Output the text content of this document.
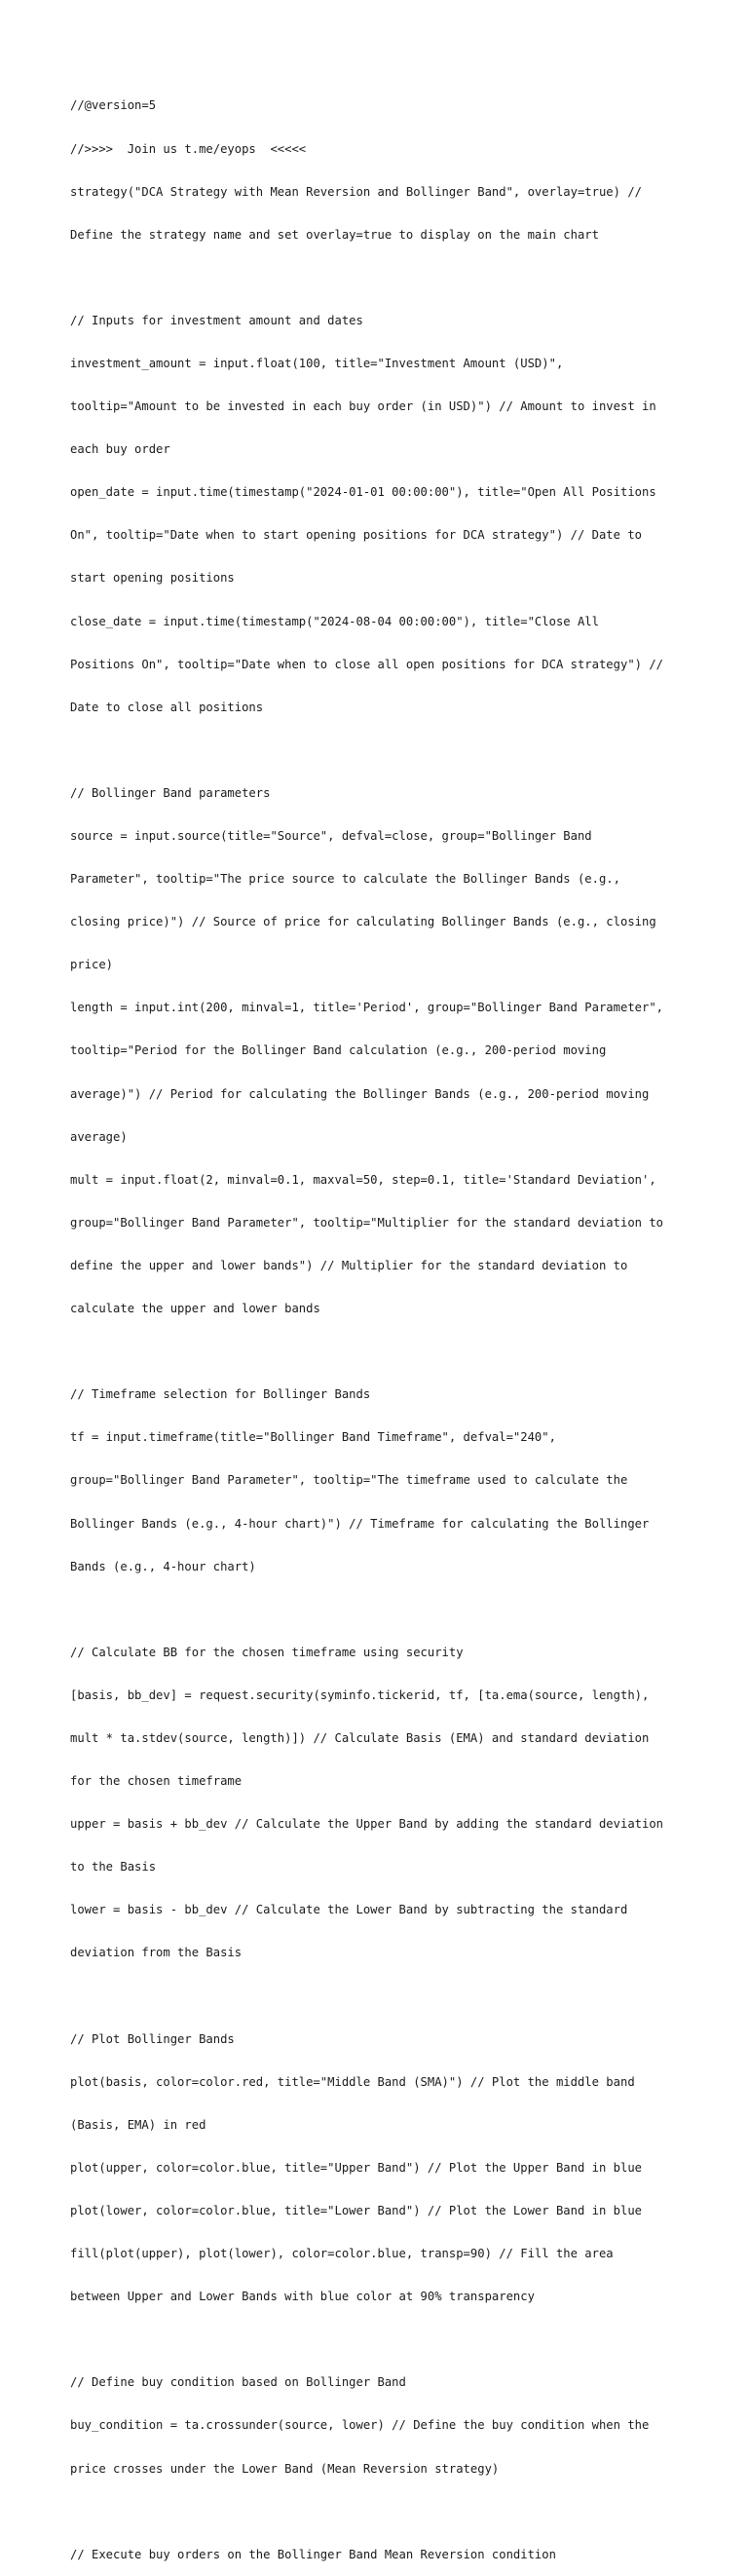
//@version=5

//>>>>  Join us t.me/eyops  <<<<<

strategy("DCA Strategy with Mean Reversion and Bollinger Band", overlay=true) //

Define the strategy name and set overlay=true to display on the main chart

// Inputs for investment amount and dates

investment_amount = input.float(100, title="Investment Amount (USD)",

tooltip="Amount to be invested in each buy order (in USD)") // Amount to invest in

each buy order

open_date = input.time(timestamp("2024-01-01 00:00:00"), title="Open All Positions

On", tooltip="Date when to start opening positions for DCA strategy") // Date to

start opening positions

close_date = input.time(timestamp("2024-08-04 00:00:00"), title="Close All

Positions On", tooltip="Date when to close all open positions for DCA strategy") //

Date to close all positions

// Bollinger Band parameters

source = input.source(title="Source", defval=close, group="Bollinger Band

Parameter", tooltip="The price source to calculate the Bollinger Bands (e.g.,

closing price)") // Source of price for calculating Bollinger Bands (e.g., closing

price)

length = input.int(200, minval=1, title='Period', group="Bollinger Band Parameter",

tooltip="Period for the Bollinger Band calculation (e.g., 200-period moving

average)") // Period for calculating the Bollinger Bands (e.g., 200-period moving

average)

mult = input.float(2, minval=0.1, maxval=50, step=0.1, title='Standard Deviation',

group="Bollinger Band Parameter", tooltip="Multiplier for the standard deviation to

define the upper and lower bands") // Multiplier for the standard deviation to

calculate the upper and lower bands

// Timeframe selection for Bollinger Bands

tf = input.timeframe(title="Bollinger Band Timeframe", defval="240",

group="Bollinger Band Parameter", tooltip="The timeframe used to calculate the

Bollinger Bands (e.g., 4-hour chart)") // Timeframe for calculating the Bollinger

Bands (e.g., 4-hour chart)

// Calculate BB for the chosen timeframe using security

[basis, bb_dev] = request.security(syminfo.tickerid, tf, [ta.ema(source, length),

mult * ta.stdev(source, length)]) // Calculate Basis (EMA) and standard deviation

for the chosen timeframe

upper = basis + bb_dev // Calculate the Upper Band by adding the standard deviation

to the Basis

lower = basis - bb_dev // Calculate the Lower Band by subtracting the standard

deviation from the Basis

// Plot Bollinger Bands

plot(basis, color=color.red, title="Middle Band (SMA)") // Plot the middle band

(Basis, EMA) in red

plot(upper, color=color.blue, title="Upper Band") // Plot the Upper Band in blue

plot(lower, color=color.blue, title="Lower Band") // Plot the Lower Band in blue

fill(plot(upper), plot(lower), color=color.blue, transp=90) // Fill the area

between Upper and Lower Bands with blue color at 90% transparency

// Define buy condition based on Bollinger Band

buy_condition = ta.crossunder(source, lower) // Define the buy condition when the

price crosses under the Lower Band (Mean Reversion strategy)

// Execute buy orders on the Bollinger Band Mean Reversion condition
